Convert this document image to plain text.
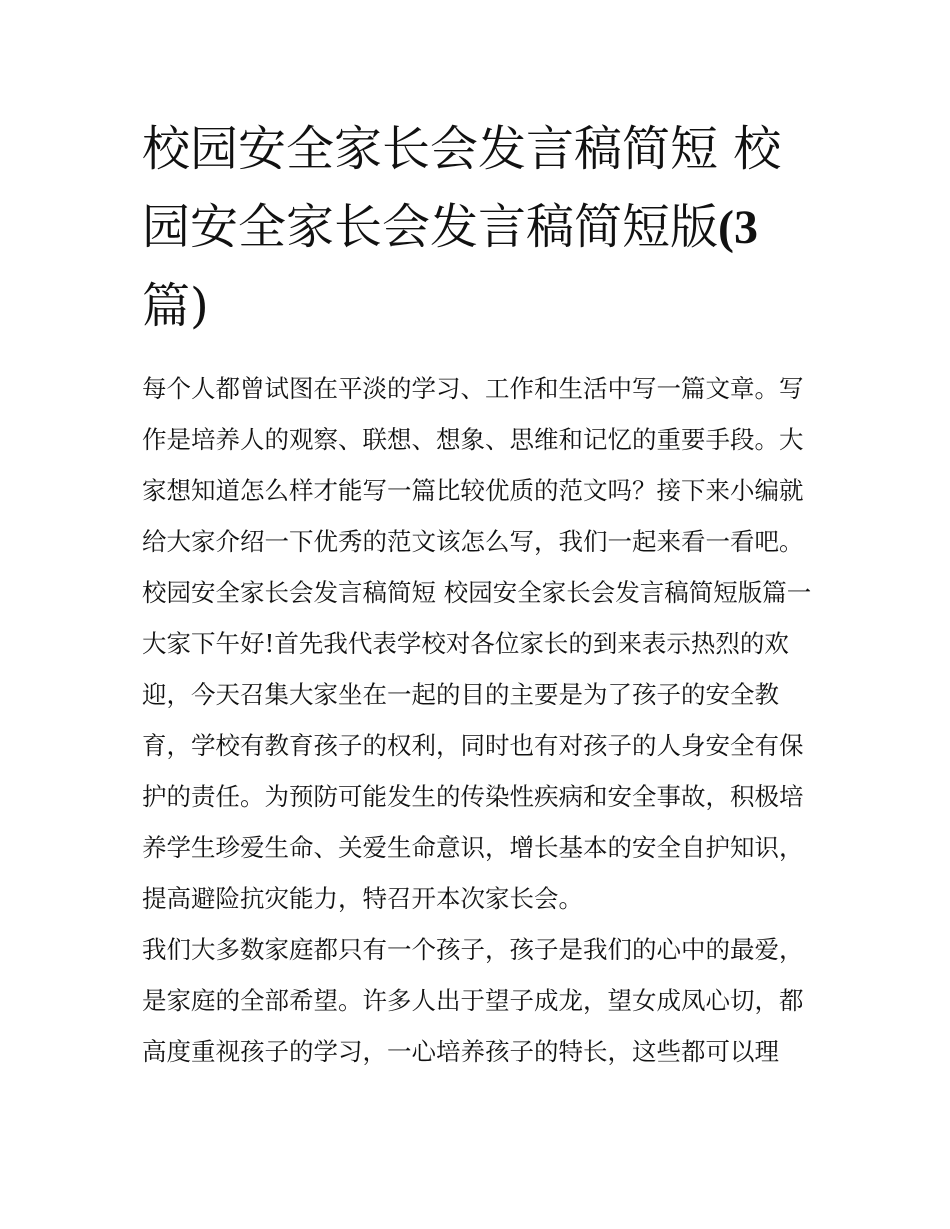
校园安全家长会发言稿简短 校园安全家长会发言稿简短版(3篇)

每个人都曾试图在平淡的学习、工作和生活中写一篇文章。写作是培养人的观察、联想、想象、思维和记忆的重要手段。大家想知道怎么样才能写一篇比较优质的范文吗？接下来小编就给大家介绍一下优秀的范文该怎么写，我们一起来看一看吧。

校园安全家长会发言稿简短 校园安全家长会发言稿简短版篇一

大家下午好!首先我代表学校对各位家长的到来表示热烈的欢迎，今天召集大家坐在一起的目的主要是为了孩子的安全教育，学校有教育孩子的权利，同时也有对孩子的人身安全有保护的责任。为预防可能发生的传染性疾病和安全事故，积极培养学生珍爱生命、关爱生命意识，增长基本的安全自护知识，提高避险抗灾能力，特召开本次家长会。

我们大多数家庭都只有一个孩子，孩子是我们的心中的最爱，是家庭的全部希望。许多人出于望子成龙，望女成凤心切，都高度重视孩子的学习，一心培养孩子的特长，这些都可以理
